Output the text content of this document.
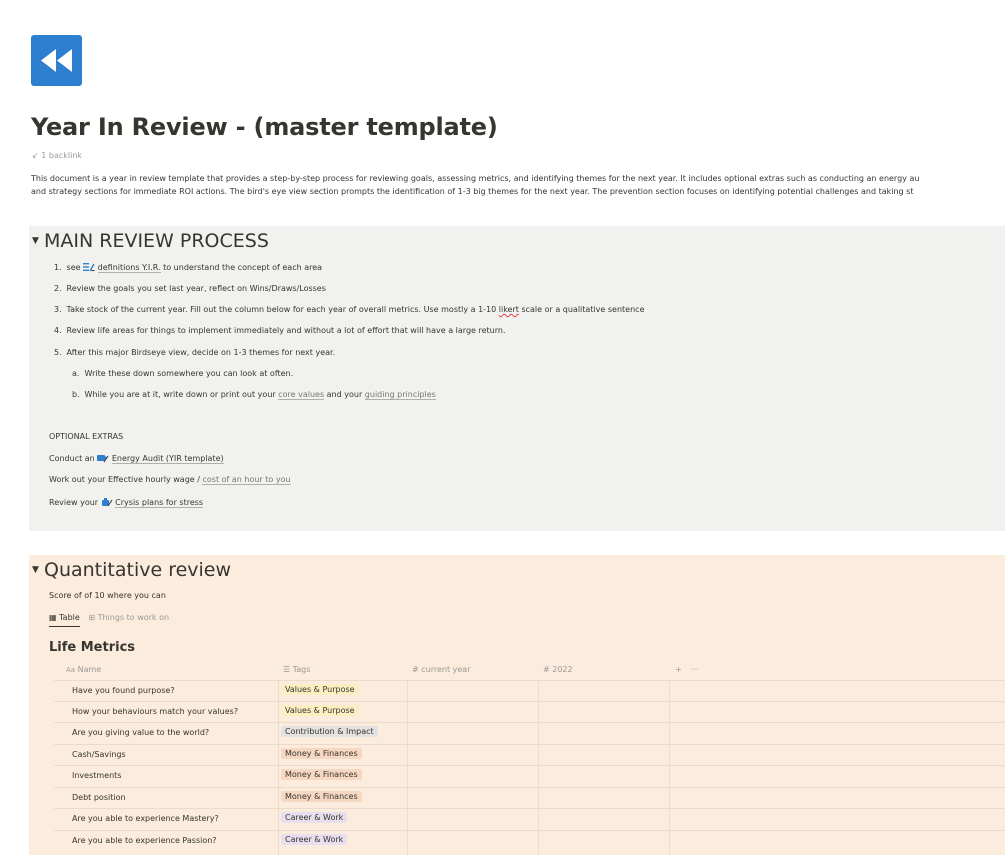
Year In Review - (master template)
↙ 1 backlink
This document is a year in review template that provides a step-by-step process for reviewing goals, assessing metrics, and identifying themes for the next year. It includes optional extras such as conducting an energy au
and strategy sections for immediate ROI actions. The bird's eye view section prompts the identification of 1-3 big themes for the next year. The prevention section focuses on identifying potential challenges and taking st
▼ MAIN REVIEW PROCESS
1. see definitions Y.I.R. to understand the concept of each area
2. Review the goals you set last year, reflect on Wins/Draws/Losses
3. Take stock of the current year. Fill out the column below for each year of overall metrics. Use mostly a 1-10 likert scale or a qualitative sentence
4. Review life areas for things to implement immediately and without a lot of effort that will have a large return.
5. After this major Birdseye view, decide on 1-3 themes for next year.
a. Write these down somewhere you can look at often.
b. While you are at it, write down or print out your core values and your guiding principles
OPTIONAL EXTRAS
Conduct an Energy Audit (YIR template)
Work out your Effective hourly wage / cost of an hour to you
Review your Crysis plans for stress
▼ Quantitative review
Score of of 10 where you can
▦ Table ⊞ Things to work on
Life Metrics
Aa Name	☰ Tags	# current year	# 2022	+ ···
Have you found purpose?	Values & Purpose
How your behaviours match your values?	Values & Purpose
Are you giving value to the world?	Contribution & Impact
Cash/Savings	Money & Finances
Investments	Money & Finances
Debt position	Money & Finances
Are you able to experience Mastery?	Career & Work
Are you able to experience Passion?	Career & Work
